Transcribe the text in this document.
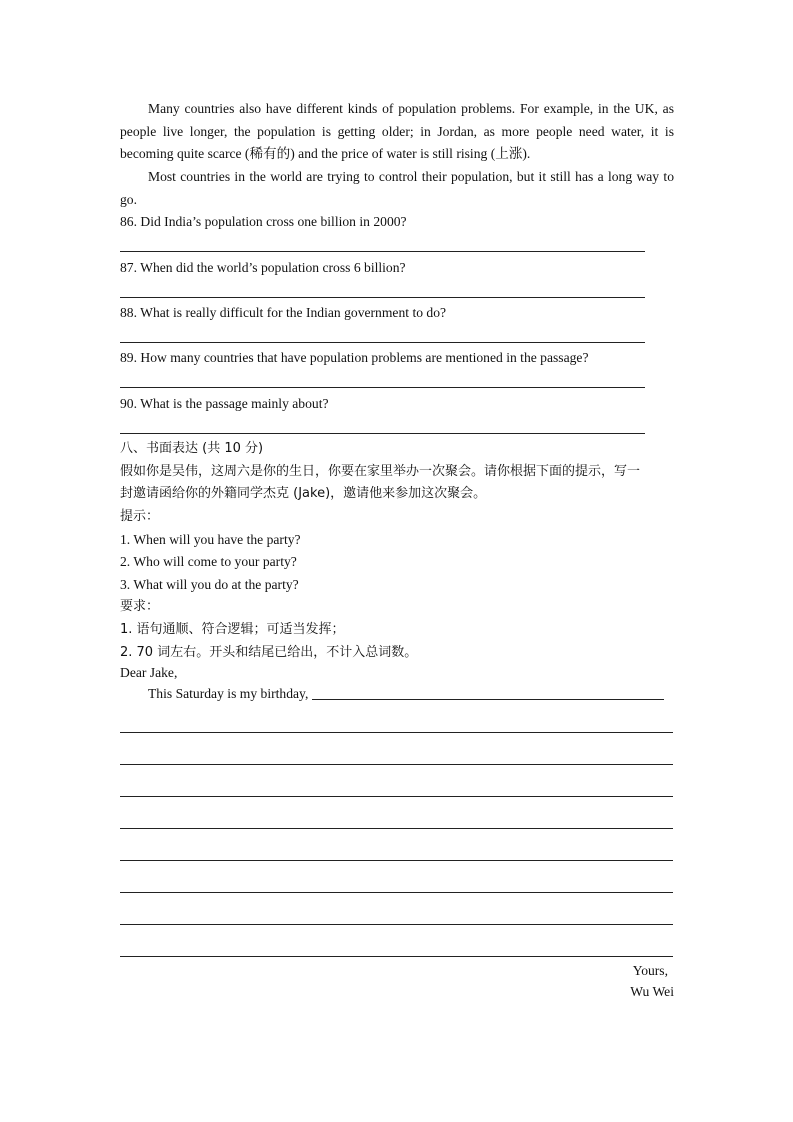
Many countries also have different kinds of population problems. For example, in the UK, as people live longer, the population is getting older; in Jordan, as more people need water, it is becoming quite scarce (稀有的) and the price of water is still rising (上涨).
Most countries in the world are trying to control their population, but it still has a long way to go.
86. Did India’s population cross one billion in 2000?
87. When did the world’s population cross 6 billion?
88. What is really difficult for the Indian government to do?
89. How many countries that have population problems are mentioned in the passage?
90. What is the passage mainly about?
八、书面表达 (共 10 分)
假如你是吴伟，这周六是你的生日，你要在家里举办一次聚会。请你根据下面的提示，写一
封邀请函给你的外籍同学杰克 (Jake)，邀请他来参加这次聚会。
提示：
1. When will you have the party?
2. Who will come to your party?
3. What will you do at the party?
要求：
1. 语句通顺、符合逻辑；可适当发挥；
2. 70 词左右。开头和结尾已给出，不计入总词数。
Dear Jake,
This Saturday is my birthday,
Yours,
Wu Wei
